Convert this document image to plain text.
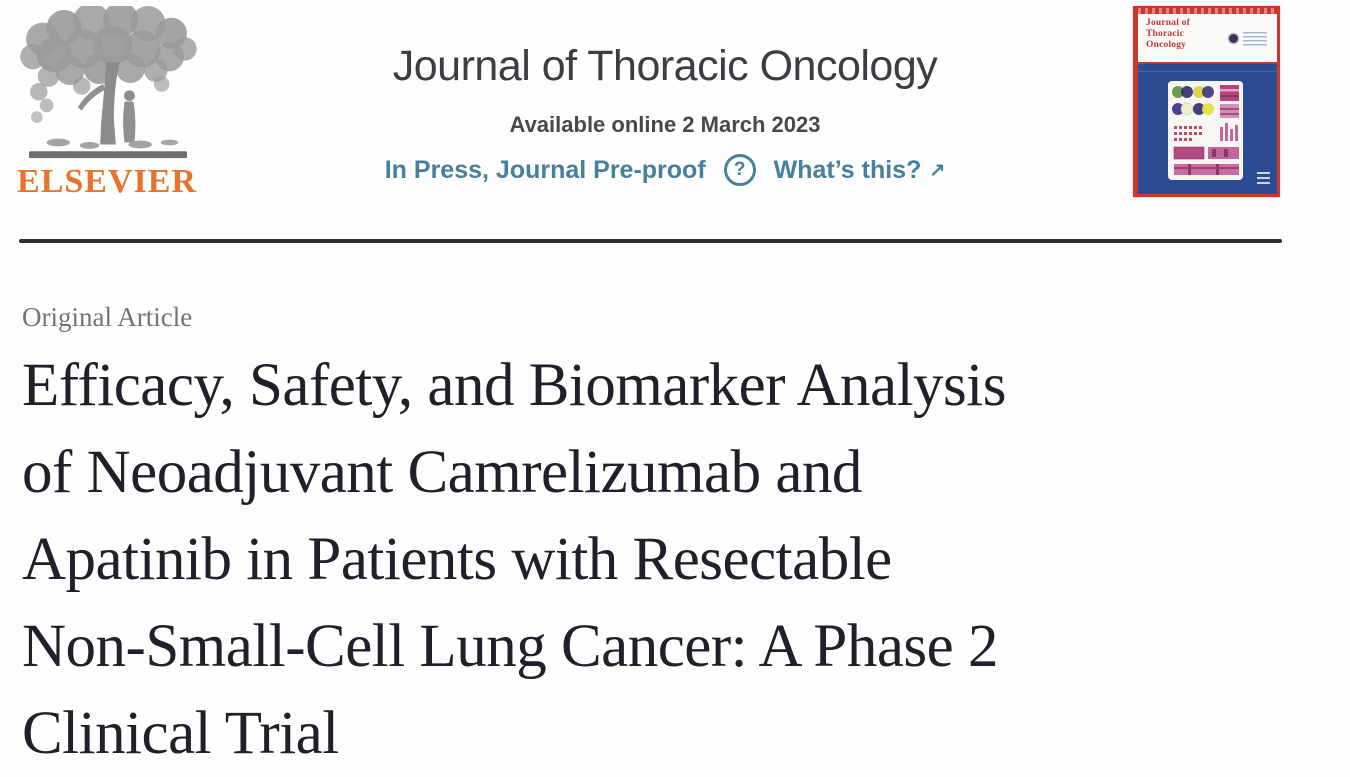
ELSEVIER
Journal of Thoracic Oncology
Available online 2 March 2023
In Press, Journal Pre-proof ? What’s this? ↗
Journal of
Thoracic
Oncology
Original Article
Efficacy, Safety, and Biomarker Analysis
of Neoadjuvant Camrelizumab and
Apatinib in Patients with Resectable
Non-Small-Cell Lung Cancer: A Phase 2
Clinical Trial
